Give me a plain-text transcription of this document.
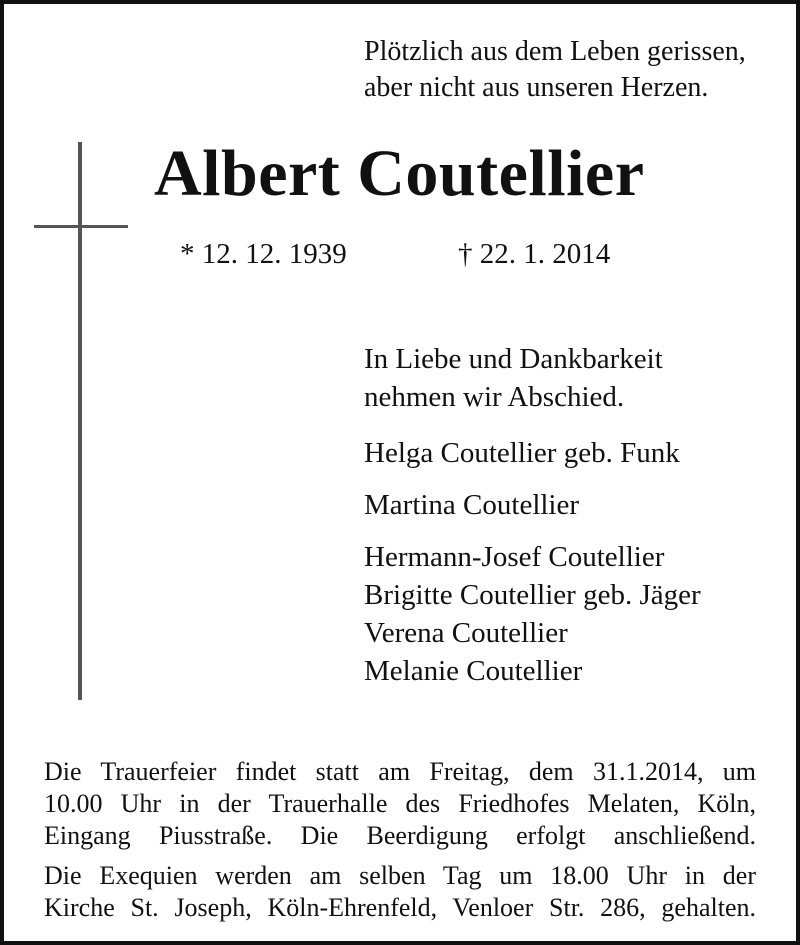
Plötzlich aus dem Leben gerissen,
aber nicht aus unseren Herzen.
Albert Coutellier
* 12. 12. 1939	† 22. 1. 2014
In Liebe und Dankbarkeit
nehmen wir Abschied.
Helga Coutellier geb. Funk
Martina Coutellier
Hermann-Josef Coutellier
Brigitte Coutellier geb. Jäger
Verena Coutellier
Melanie Coutellier

Die Trauerfeier findet statt am Freitag, dem 31.1.2014, um
10.00 Uhr in der Trauerhalle des Friedhofes Melaten, Köln,
Eingang Piusstraße. Die Beerdigung erfolgt anschließend.

Die Exequien werden am selben Tag um 18.00 Uhr in der
Kirche St. Joseph, Köln-Ehrenfeld, Venloer Str. 286, gehalten.
